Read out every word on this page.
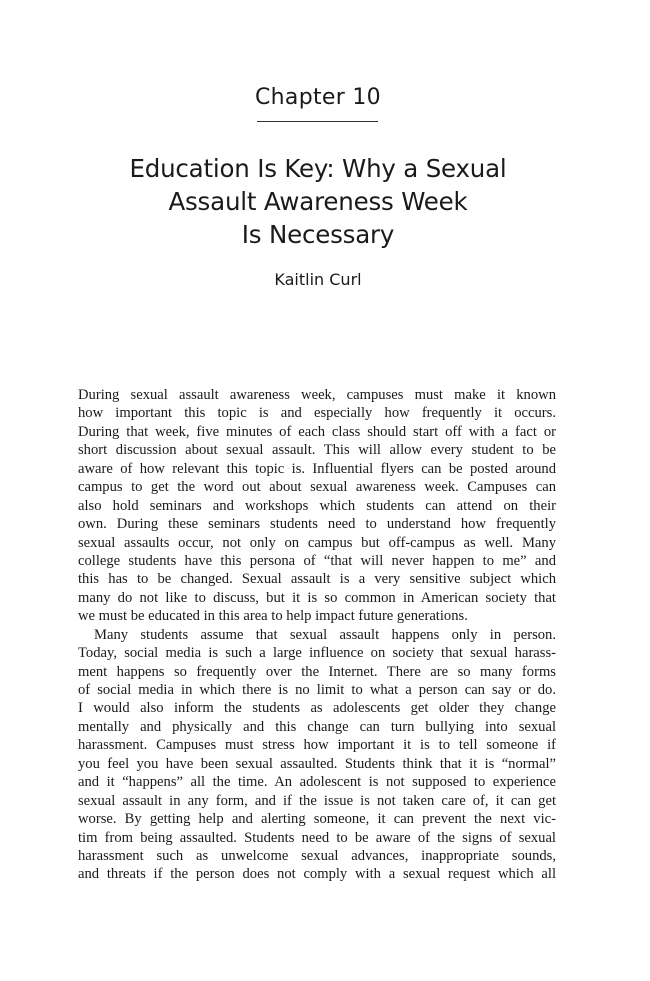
Chapter 10
Education Is Key: Why a Sexual
Assault Awareness Week
Is Necessary
Kaitlin Curl
During sexual assault awareness week, campuses must make it known
how important this topic is and especially how frequently it occurs.
During that week, five minutes of each class should start off with a fact or
short discussion about sexual assault. This will allow every student to be
aware of how relevant this topic is. Influential flyers can be posted around
campus to get the word out about sexual awareness week. Campuses can
also hold seminars and workshops which students can attend on their
own. During these seminars students need to understand how frequently
sexual assaults occur, not only on campus but off-campus as well. Many
college students have this persona of “that will never happen to me” and
this has to be changed. Sexual assault is a very sensitive subject which
many do not like to discuss, but it is so common in American society that
we must be educated in this area to help impact future generations.
Many students assume that sexual assault happens only in person.
Today, social media is such a large influence on society that sexual harass-
ment happens so frequently over the Internet. There are so many forms
of social media in which there is no limit to what a person can say or do.
I would also inform the students as adolescents get older they change
mentally and physically and this change can turn bullying into sexual
harassment. Campuses must stress how important it is to tell someone if
you feel you have been sexual assaulted. Students think that it is “normal”
and it “happens” all the time. An adolescent is not supposed to experience
sexual assault in any form, and if the issue is not taken care of, it can get
worse. By getting help and alerting someone, it can prevent the next vic-
tim from being assaulted. Students need to be aware of the signs of sexual
harassment such as unwelcome sexual advances, inappropriate sounds,
and threats if the person does not comply with a sexual request which all
